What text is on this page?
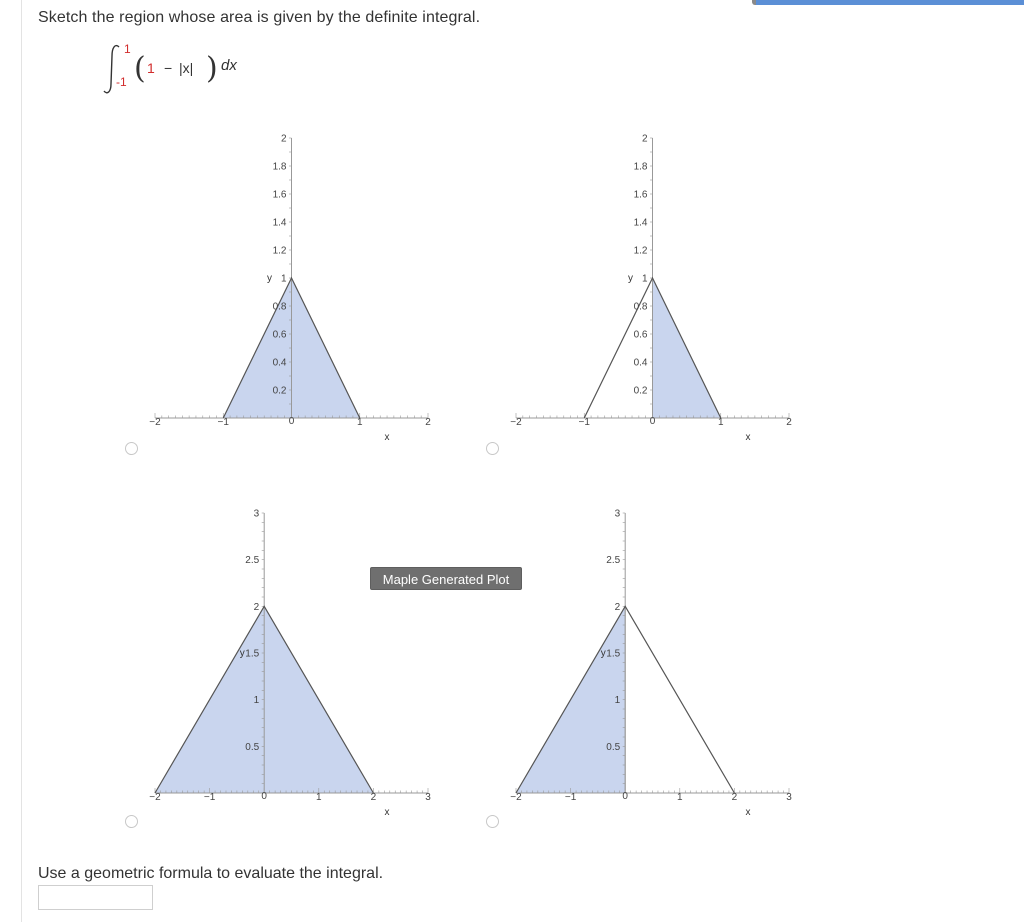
Sketch the region whose area is given by the definite integral.
1
-1 ( 1 − |x| ) dx
−2	−1	0	1	2
0.2
0.4
0.6
0.8
1
1.2
1.4
1.6
1.8
2
x
y
−2	−1	0	1	2
0.2
0.4
0.6
0.8
1
1.2
1.4
1.6
1.8
2
x
y
−2	−1	0	1	2	3
0.5
1
1.5
2
2.5
3
x
y
−2	−1	0	1	2	3
0.5
1
1.5
2
2.5
3
x
y
Maple Generated Plot
Use a geometric formula to evaluate the integral.
